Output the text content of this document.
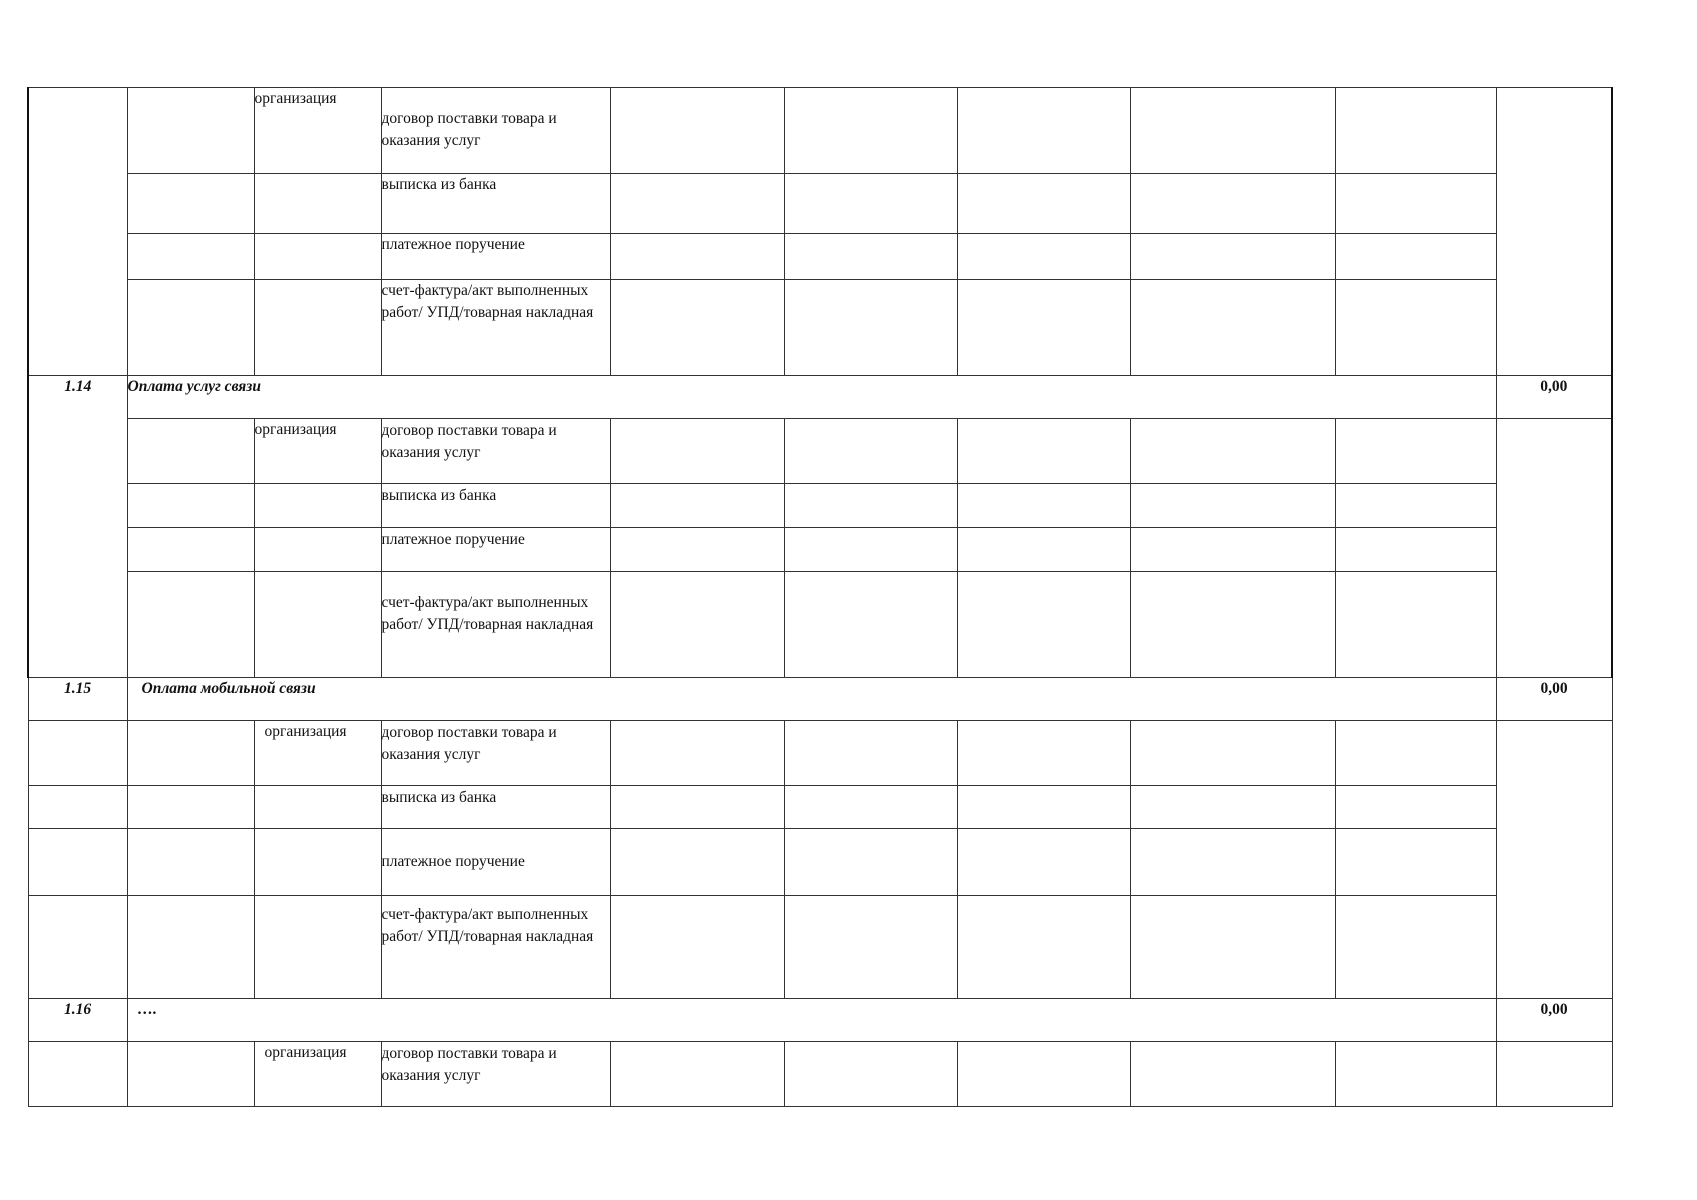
		организация	договор поставки товара и оказания услуг						
			выписка из банка						
			платежное поручение						
			счет-фактура/акт выполненных работ/ УПД/товарная накладная						
1.14	Оплата услуг связи								0,00
		организация	договор поставки товара и оказания услуг						
			выписка из банка						
			платежное поручение						
			счет-фактура/акт выполненных работ/ УПД/товарная накладная						
1.15	Оплата мобильной связи								0,00
		организация	договор поставки товара и оказания услуг						
			выписка из банка						
			платежное поручение						
			счет-фактура/акт выполненных работ/ УПД/товарная накладная						
1.16	….								0,00
		организация	договор поставки товара и оказания услуг						
